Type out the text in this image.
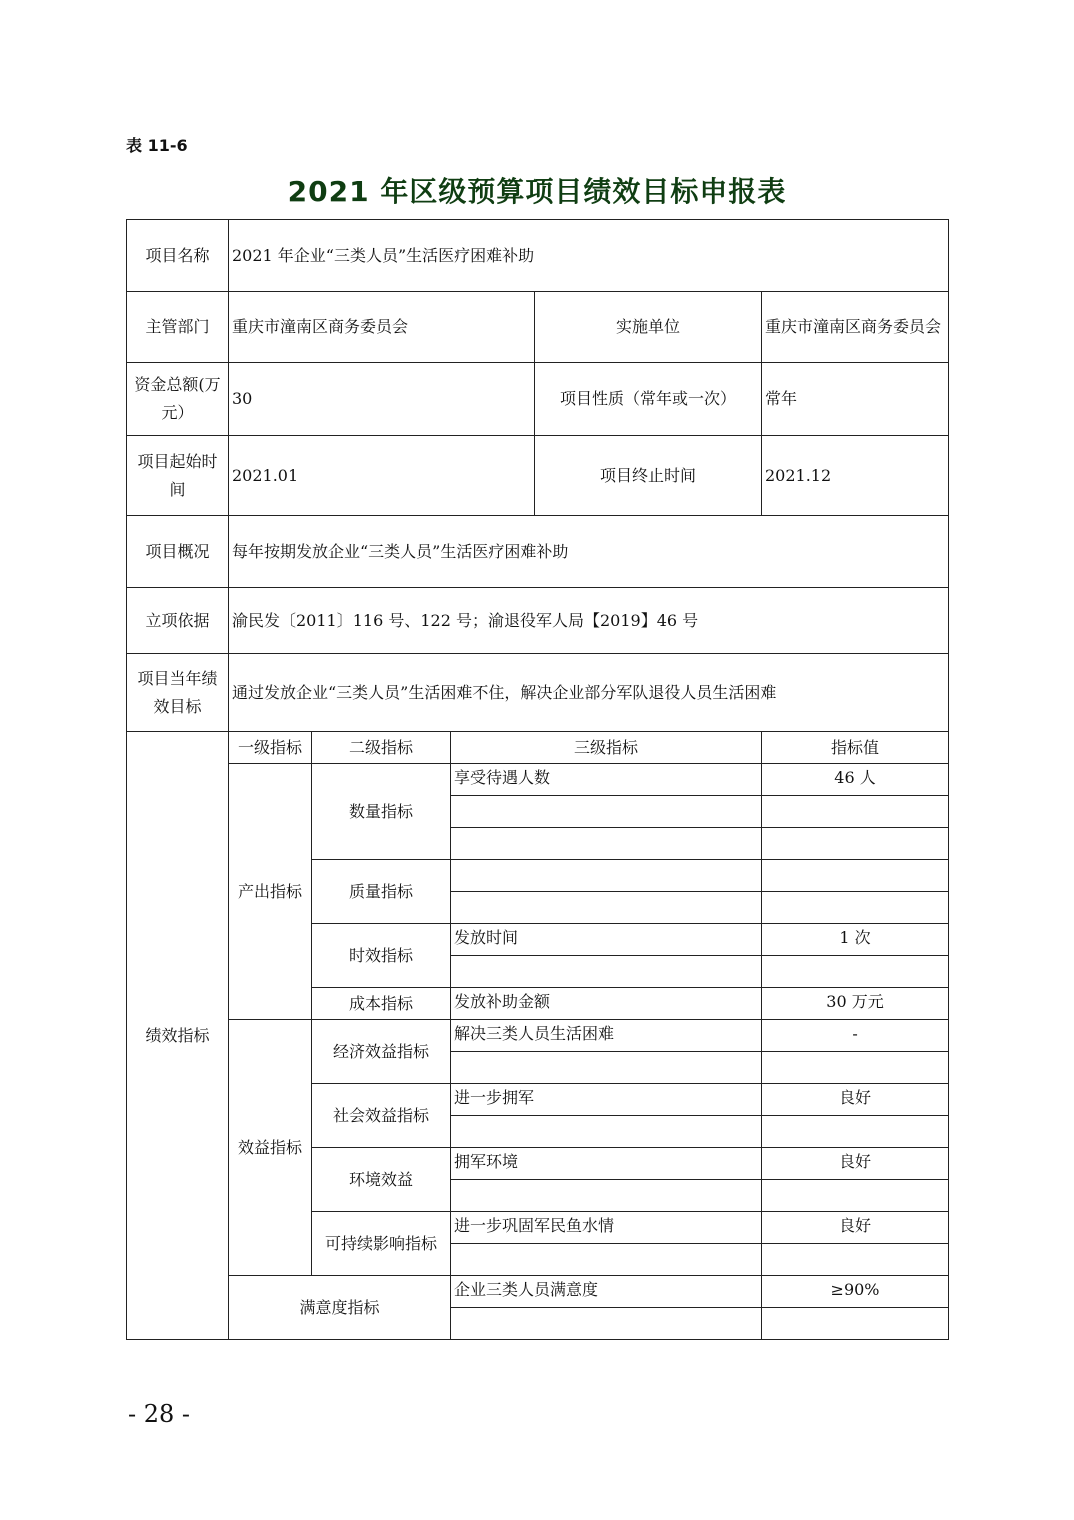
表 11-6
2021 年区级预算项目绩效目标申报表
项目名称	2021 年企业“三类人员”生活医疗困难补助				
主管部门	重庆市潼南区商务委员会			实施单位	重庆市潼南区商务委员会
资金总额(万元）	30			项目性质（常年或一次）	常年
项目起始时间	2021.01			项目终止时间	2021.12
项目概况	每年按期发放企业“三类人员”生活医疗困难补助				
立项依据	渝民发〔2011〕116 号、122 号；渝退役军人局【2019】46 号				
项目当年绩效目标	通过发放企业“三类人员”生活困难不住，解决企业部分军队退役人员生活困难				
绩效指标	一级指标	二级指标	三级指标		指标值
	产出指标	数量指标	享受待遇人数		46 人

		质量指标			

		时效指标	发放时间		1 次

		成本指标	发放补助金额		30 万元
	效益指标	经济效益指标	解决三类人员生活困难		-

		社会效益指标	进一步拥军		良好

		环境效益	拥军环境		良好

		可持续影响指标	进一步巩固军民鱼水情		良好

	满意度指标		企业三类人员满意度		≥90%

- 28 -
